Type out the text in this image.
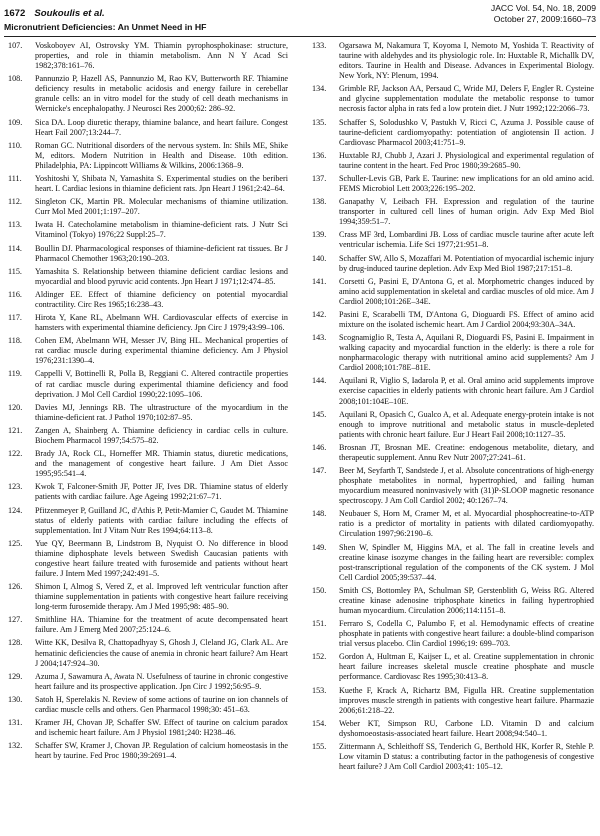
1672 Soukoulis et al.
Micronutrient Deficiencies: An Unmet Need in HF
JACC Vol. 54, No. 18, 2009
October 27, 2009:1660–73
107. Voskoboyev AI, Ostrovsky YM. Thiamin pyrophosphokinase: structure, properties, and role in thiamin metabolism. Ann N Y Acad Sci 1982;378:161–76.
108. Pannunzio P, Hazell AS, Pannunzio M, Rao KV, Butterworth RF. Thiamine deficiency results in metabolic acidosis and energy failure in cerebellar granule cells: an in vitro model for the study of cell death mechanisms in Wernicke's encephalopathy. J Neurosci Res 2000;62: 286–92.
109. Sica DA. Loop diuretic therapy, thiamine balance, and heart failure. Congest Heart Fail 2007;13:244–7.
110. Roman GC. Nutritional disorders of the nervous system. In: Shils ME, Shike M, editors. Modern Nutrition in Health and Disease. 10th edition. Philadelphia, PA: Lippincott Williams & Wilkins, 2006:1368–9.
111. Yoshitoshi Y, Shibata N, Yamashita S. Experimental studies on the beriberi heart. I. Cardiac lesions in thiamine deficient rats. Jpn Heart J 1961;2:42–64.
112. Singleton CK, Martin PR. Molecular mechanisms of thiamine utilization. Curr Mol Med 2001;1:197–207.
113. Iwata H. Catecholamine metabolism in thiamine-deficient rats. J Nutr Sci Vitaminol (Tokyo) 1976;22 Suppl:25–7.
114. Boullin DJ. Pharmacological responses of thiamine-deficient rat tissues. Br J Pharmacol Chemother 1963;20:190–203.
115. Yamashita S. Relationship between thiamine deficient cardiac lesions and myocardial and blood pyruvic acid contents. Jpn Heart J 1971;12:474–85.
116. Aldinger EE. Effect of thiamine deficiency on potential myocardial contractility. Circ Res 1965;16:238–43.
117. Hirota Y, Kane RL, Abelmann WH. Cardiovascular effects of exercise in hamsters with experimental thiamine deficiency. Jpn Circ J 1979;43:99–106.
118. Cohen EM, Abelmann WH, Messer JV, Bing HL. Mechanical properties of rat cardiac muscle during experimental thiamine deficiency. Am J Physiol 1976;231:1390–4.
119. Cappelli V, Bottinelli R, Polla B, Reggiani C. Altered contractile properties of rat cardiac muscle during experimental thiamine deficiency and food deprivation. J Mol Cell Cardiol 1990;22:1095–106.
120. Davies MJ, Jennings RB. The ultrastructure of the myocardium in the thiamine-deficient rat. J Pathol 1970;102:87–95.
121. Zangen A, Shainberg A. Thiamine deficiency in cardiac cells in culture. Biochem Pharmacol 1997;54:575–82.
122. Brady JA, Rock CL, Horneffer MR. Thiamin status, diuretic medications, and the management of congestive heart failure. J Am Diet Assoc 1995;95:541–4.
123. Kwok T, Falconer-Smith JF, Potter JF, Ives DR. Thiamine status of elderly patients with cardiac failure. Age Ageing 1992;21:67–71.
124. Pfitzenmeyer P, Guilland JC, d'Athis P, Petit-Mamier C, Gaudet M. Thiamine status of elderly patients with cardiac failure including the effects of supplementation. Int J Vitam Nutr Res 1994;64:113–8.
125. Yue QY, Beermann B, Lindstrom B, Nyquist O. No difference in blood thiamine diphosphate levels between Swedish Caucasian patients with congestive heart failure treated with furosemide and patients without heart failure. J Intern Med 1997;242:491–5.
126. Shimon I, Almog S, Vered Z, et al. Improved left ventricular function after thiamine supplementation in patients with congestive heart failure receiving long-term furosemide therapy. Am J Med 1995;98: 485–90.
127. Smithline HA. Thiamine for the treatment of acute decompensated heart failure. Am J Emerg Med 2007;25:124–6.
128. Witte KK, Desilva R, Chattopadhyay S, Ghosh J, Cleland JG, Clark AL. Are hematinic deficiencies the cause of anemia in chronic heart failure? Am Heart J 2004;147:924–30.
129. Azuma J, Sawamura A, Awata N. Usefulness of taurine in chronic congestive heart failure and its prospective application. Jpn Circ J 1992;56:95–9.
130. Satoh H, Sperelakis N. Review of some actions of taurine on ion channels of cardiac muscle cells and others. Gen Pharmacol 1998;30: 451–63.
131. Kramer JH, Chovan JP, Schaffer SW. Effect of taurine on calcium paradox and ischemic heart failure. Am J Physiol 1981;240: H238–46.
132. Schaffer SW, Kramer J, Chovan JP. Regulation of calcium homeostasis in the heart by taurine. Fed Proc 1980;39:2691–4.
133. Ogarsawa M, Nakamura T, Koyoma I, Nemoto M, Yoshida T. Reactivity of taurine with aldehydes and its physiologic role. In: Huxtable R, Michallk DV, editors. Taurine in Health and Disease. Advances in Experimental Biology. New York, NY: Plenum, 1994.
134. Grimble RF, Jackson AA, Persaud C, Wride MJ, Delers F, Engler R. Cysteine and glycine supplementation modulate the metabolic response to tumor necrosis factor alpha in rats fed a low protein diet. J Nutr 1992;122:2066–73.
135. Schaffer S, Solodushko V, Pastukh V, Ricci C, Azuma J. Possible cause of taurine-deficient cardiomyopathy: potentiation of angiotensin II action. J Cardiovasc Pharmacol 2003;41:751–9.
136. Huxtable RJ, Chubb J, Azari J. Physiological and experimental regulation of taurine content in the heart. Fed Proc 1980;39:2685–90.
137. Schuller-Levis GB, Park E. Taurine: new implications for an old amino acid. FEMS Microbiol Lett 2003;226:195–202.
138. Ganapathy V, Leibach FH. Expression and regulation of the taurine transporter in cultured cell lines of human origin. Adv Exp Med Biol 1994;359:51–7.
139. Crass MF 3rd, Lombardini JB. Loss of cardiac muscle taurine after acute left ventricular ischemia. Life Sci 1977;21:951–8.
140. Schaffer SW, Allo S, Mozaffari M. Potentiation of myocardial ischemic injury by drug-induced taurine depletion. Adv Exp Med Biol 1987;217:151–8.
141. Corsetti G, Pasini E, D'Antona G, et al. Morphometric changes induced by amino acid supplementation in skeletal and cardiac muscles of old mice. Am J Cardiol 2008;101:26E–34E.
142. Pasini E, Scarabelli TM, D'Antona G, Dioguardi FS. Effect of amino acid mixture on the isolated ischemic heart. Am J Cardiol 2004;93:30A–34A.
143. Scognamiglio R, Testa A, Aquilani R, Dioguardi FS, Pasini E. Impairment in walking capacity and myocardial function in the elderly: is there a role for nonpharmacologic therapy with nutritional amino acid supplements? Am J Cardiol 2008;101:78E–81E.
144. Aquilani R, Viglio S, Iadarola P, et al. Oral amino acid supplements improve exercise capacities in elderly patients with chronic heart failure. Am J Cardiol 2008;101:104E–10E.
145. Aquilani R, Opasich C, Gualco A, et al. Adequate energy-protein intake is not enough to improve nutritional and metabolic status in muscle-depleted patients with chronic heart failure. Eur J Heart Fail 2008;10:1127–35.
146. Brosnan JT, Brosnan ME. Creatine: endogenous metabolite, dietary, and therapeutic supplement. Annu Rev Nutr 2007;27:241–61.
147. Beer M, Seyfarth T, Sandstede J, et al. Absolute concentrations of high-energy phosphate metabolites in normal, hypertrophied, and failing human myocardium measured noninvasively with (31)P-SLOOP magnetic resonance spectroscopy. J Am Coll Cardiol 2002; 40:1267–74.
148. Neubauer S, Horn M, Cramer M, et al. Myocardial phosphocreatine-to-ATP ratio is a predictor of mortality in patients with dilated cardiomyopathy. Circulation 1997;96:2190–6.
149. Shen W, Spindler M, Higgins MA, et al. The fall in creatine levels and creatine kinase isozyme changes in the failing heart are reversible: complex post-transcriptional regulation of the components of the CK system. J Mol Cell Cardiol 2005;39:537–44.
150. Smith CS, Bottomley PA, Schulman SP, Gerstenblith G, Weiss RG. Altered creatine kinase adenosine triphosphate kinetics in failing hypertrophied human myocardium. Circulation 2006;114:1151–8.
151. Ferraro S, Codella C, Palumbo F, et al. Hemodynamic effects of creatine phosphate in patients with congestive heart failure: a double-blind comparison trial versus placebo. Clin Cardiol 1996;19: 699–703.
152. Gordon A, Hultman E, Kaijser L, et al. Creatine supplementation in chronic heart failure increases skeletal muscle creatine phosphate and muscle performance. Cardiovasc Res 1995;30:413–8.
153. Kuethe F, Krack A, Richartz BM, Figulla HR. Creatine supplementation improves muscle strength in patients with congestive heart failure. Pharmazie 2006;61:218–22.
154. Weber KT, Simpson RU, Carbone LD. Vitamin D and calcium dyshomoeostasis-associated heart failure. Heart 2008;94:540–1.
155. Zittermann A, Schleithoff SS, Tenderich G, Berthold HK, Korfer R, Stehle P. Low vitamin D status: a contributing factor in the pathogenesis of congestive heart failure? J Am Coll Cardiol 2003;41: 105–12.
